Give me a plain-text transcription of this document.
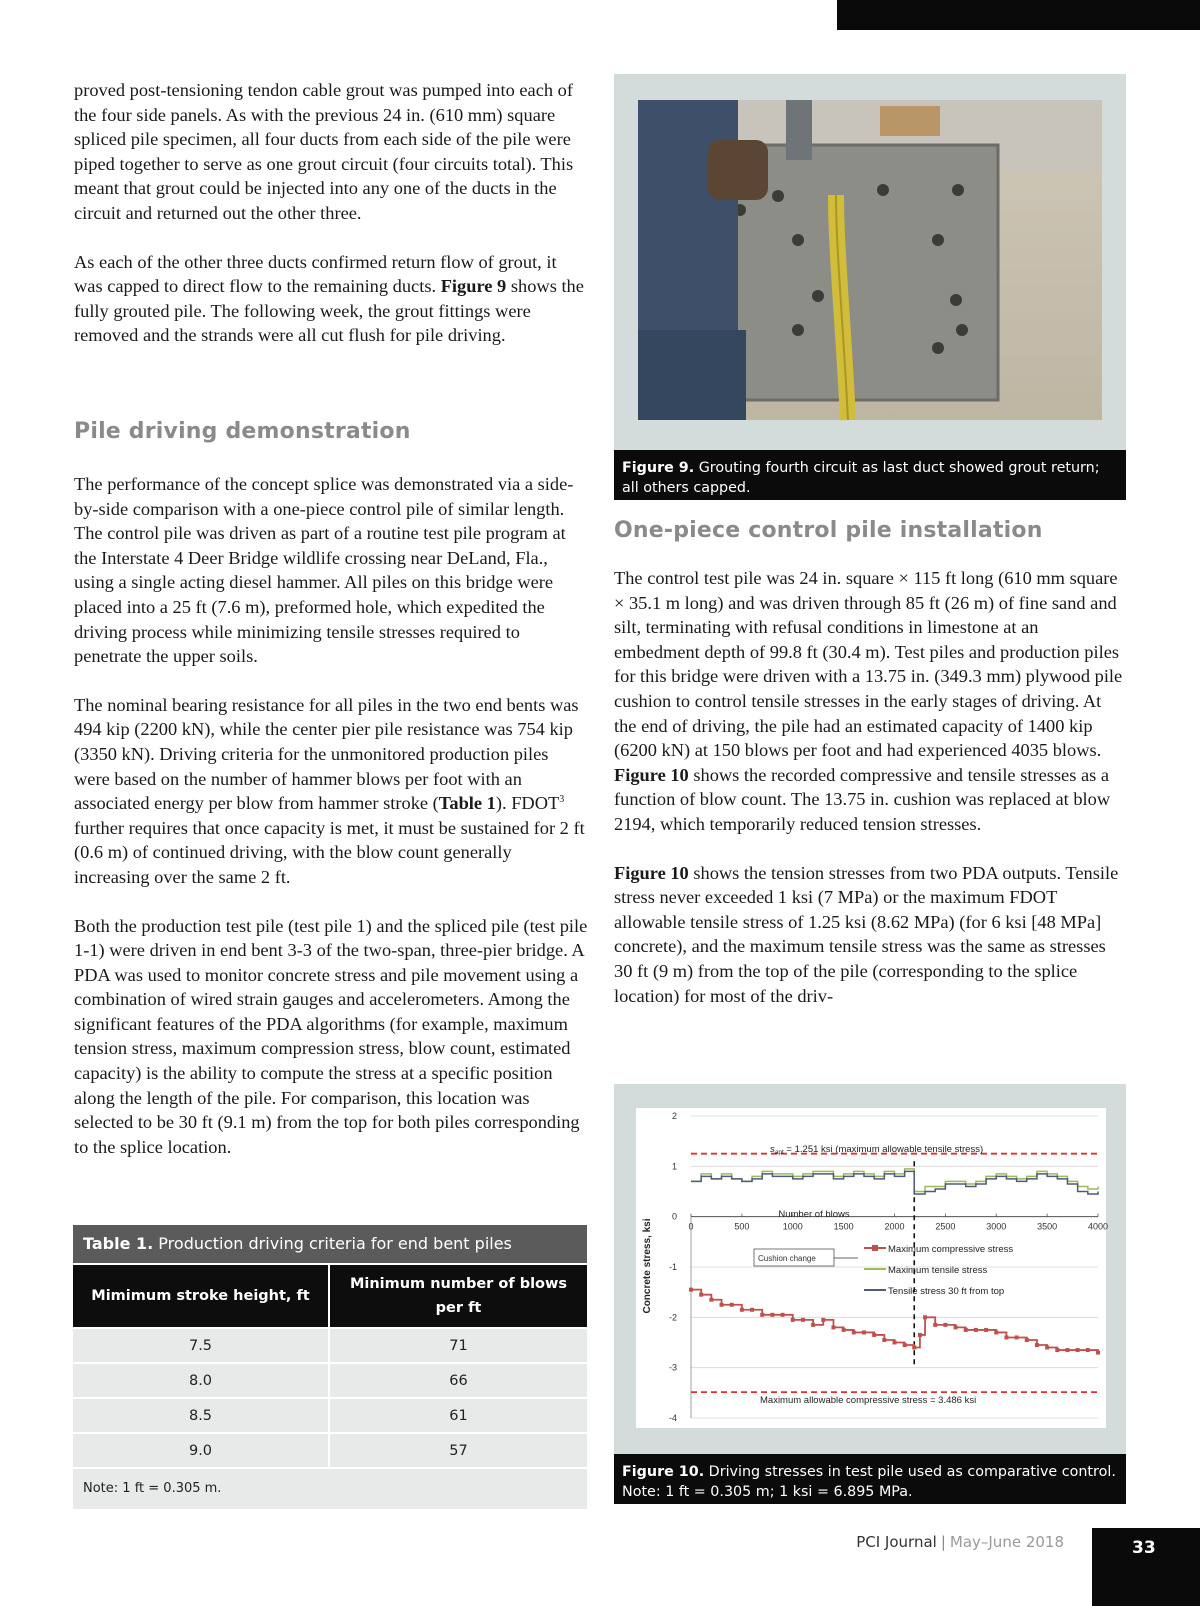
proved post-tensioning tendon cable grout was pumped into each of the four side panels. As with the previous 24 in. (610 mm) square spliced pile specimen, all four ducts from each side of the pile were piped together to serve as one grout circuit (four circuits total). This meant that grout could be injected into any one of the ducts in the circuit and returned out the other three.

As each of the other three ducts confirmed return flow of grout, it was capped to direct flow to the remaining ducts. Figure 9 shows the fully grouted pile. The following week, the grout fittings were removed and the strands were all cut flush for pile driving.

Pile driving demonstration

The performance of the concept splice was demonstrated via a side-by-side comparison with a one-piece control pile of similar length. The control pile was driven as part of a routine test pile program at the Interstate 4 Deer Bridge wildlife crossing near DeLand, Fla., using a single acting diesel hammer. All piles on this bridge were placed into a 25 ft (7.6 m), preformed hole, which expedited the driving process while minimizing tensile stresses required to penetrate the upper soils.

The nominal bearing resistance for all piles in the two end bents was 494 kip (2200 kN), while the center pier pile resistance was 754 kip (3350 kN). Driving criteria for the unmonitored production piles were based on the number of hammer blows per foot with an associated energy per blow from hammer stroke (Table 1). FDOT$^3$ further requires that once capacity is met, it must be sustained for 2 ft (0.6 m) of continued driving, with the blow count generally increasing over the same 2 ft.

Both the production test pile (test pile 1) and the spliced pile (test pile 1-1) were driven in end bent 3-3 of the two-span, three-pier bridge. A PDA was used to monitor concrete stress and pile movement using a combination of wired strain gauges and accelerometers. Among the significant features of the PDA algorithms (for example, maximum tension stress, maximum compression stress, blow count, estimated capacity) is the ability to compute the stress at a specific position along the length of the pile. For comparison, this location was selected to be 30 ft (9.1 m) from the top for both piles corresponding to the splice location.

Table 1. Production driving criteria for end bent piles
Mimimum stroke height, ft
Minimum number of blows per ft
7.5	71
8.0	66
8.5	61
9.0	57
Note: 1 ft = 0.305 m.
Figure 9. Grouting fourth circuit as last duct showed grout return; all others capped.
One-piece control pile installation

The control test pile was 24 in. square × 115 ft long (610 mm square × 35.1 m long) and was driven through 85 ft (26 m) of fine sand and silt, terminating with refusal conditions in limestone at an embedment depth of 99.8 ft (30.4 m). Test piles and production piles for this bridge were driven with a 13.75 in. (349.3 mm) plywood pile cushion to control tensile stresses in the early stages of driving. At the end of driving, the pile had an estimated capacity of 1400 kip (6200 kN) at 150 blows per foot and had experienced 4035 blows. Figure 10 shows the recorded compressive and tensile stresses as a function of blow count. The 13.75 in. cushion was replaced at blow 2194, which temporarily reduced tension stresses.

Figure 10 shows the tension stresses from two PDA outputs. Tensile stress never exceeded 1 ksi (7 MPa) or the maximum FDOT allowable tensile stress of 1.25 ksi (8.62 MPa) (for 6 ksi [48 MPa] concrete), and the maximum tensile stress was the same as stresses 30 ft (9 m) from the top of the pile (corresponding to the splice location) for most of the driv-

2
1
0
-1
-2
-3
-4
0	500	1000	1500	2000	2500	3000	3500	4000
$s_{apt} = 1.251$ ksi (maximum allowable tensile stress)
Maximum allowable compressive stress = 3.486 ksi
Number of blows
Concrete stress, ksi	Cushion change
Maximum compressive stress
Maximum tensile stress
Tensile stress 30 ft from top
Figure 10. Driving stresses in test pile used as comparative control. Note: 1 ft = 0.305 m; 1 ksi = 6.895 MPa.
PCI Journal | May–June 2018	33
